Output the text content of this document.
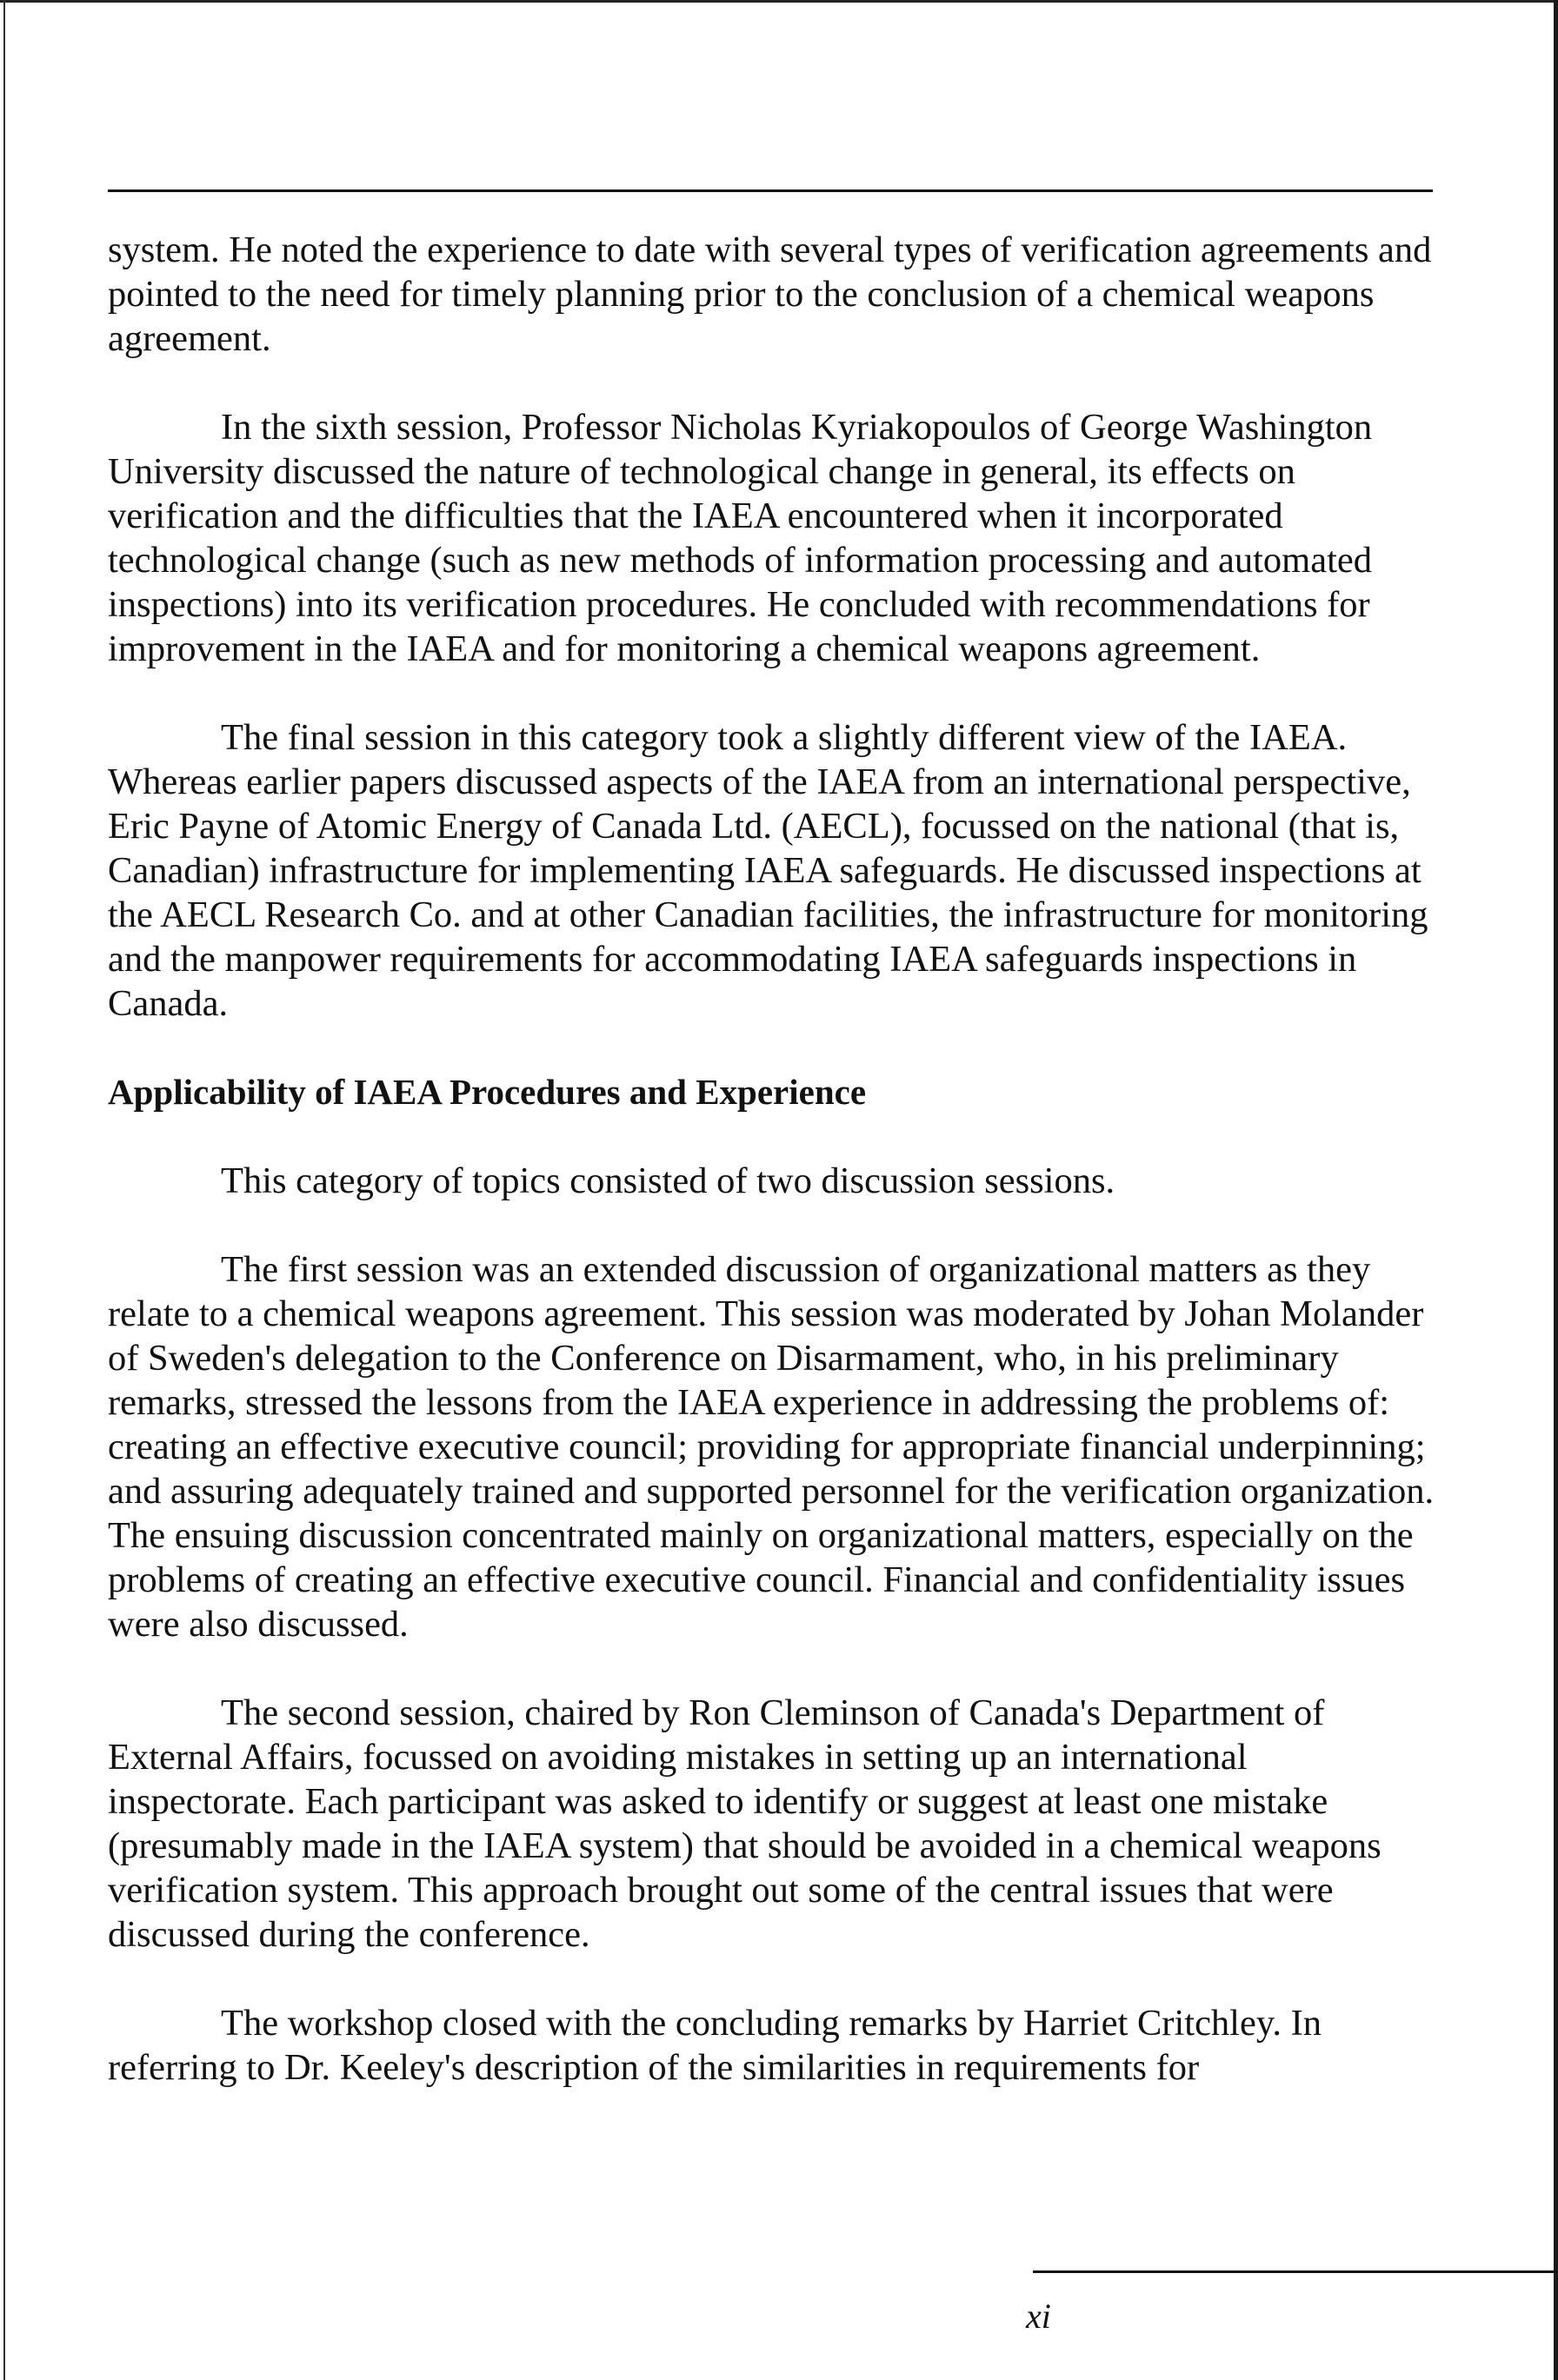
system. He noted the experience to date with several types of verification agreements and pointed to the need for timely planning prior to the conclusion of a chemical weapons agreement.

In the sixth session, Professor Nicholas Kyriakopoulos of George Washington University discussed the nature of technological change in general, its effects on verification and the difficulties that the IAEA encountered when it incorporated technological change (such as new methods of information processing and automated inspections) into its verification procedures. He concluded with recommendations for improvement in the IAEA and for monitoring a chemical weapons agreement.

The final session in this category took a slightly different view of the IAEA. Whereas earlier papers discussed aspects of the IAEA from an international perspective, Eric Payne of Atomic Energy of Canada Ltd. (AECL), focussed on the national (that is, Canadian) infrastructure for implementing IAEA safeguards. He discussed inspections at the AECL Research Co. and at other Canadian facilities, the infrastructure for monitoring and the manpower requirements for accommodating IAEA safeguards inspections in Canada.

Applicability of IAEA Procedures and Experience

This category of topics consisted of two discussion sessions.

The first session was an extended discussion of organizational matters as they relate to a chemical weapons agreement. This session was moderated by Johan Molander of Sweden's delegation to the Conference on Disarmament, who, in his preliminary remarks, stressed the lessons from the IAEA experience in addressing the problems of: creating an effective executive council; providing for appropriate financial underpinning; and assuring adequately trained and supported personnel for the verification organization. The ensuing discussion concentrated mainly on organizational matters, especially on the problems of creating an effective executive council. Financial and confidentiality issues were also discussed.

The second session, chaired by Ron Cleminson of Canada's Department of External Affairs, focussed on avoiding mistakes in setting up an international inspectorate. Each participant was asked to identify or suggest at least one mistake (presumably made in the IAEA system) that should be avoided in a chemical weapons verification system. This approach brought out some of the central issues that were discussed during the conference.

The workshop closed with the concluding remarks by Harriet Critchley. In referring to Dr. Keeley's description of the similarities in requirements for

xi
